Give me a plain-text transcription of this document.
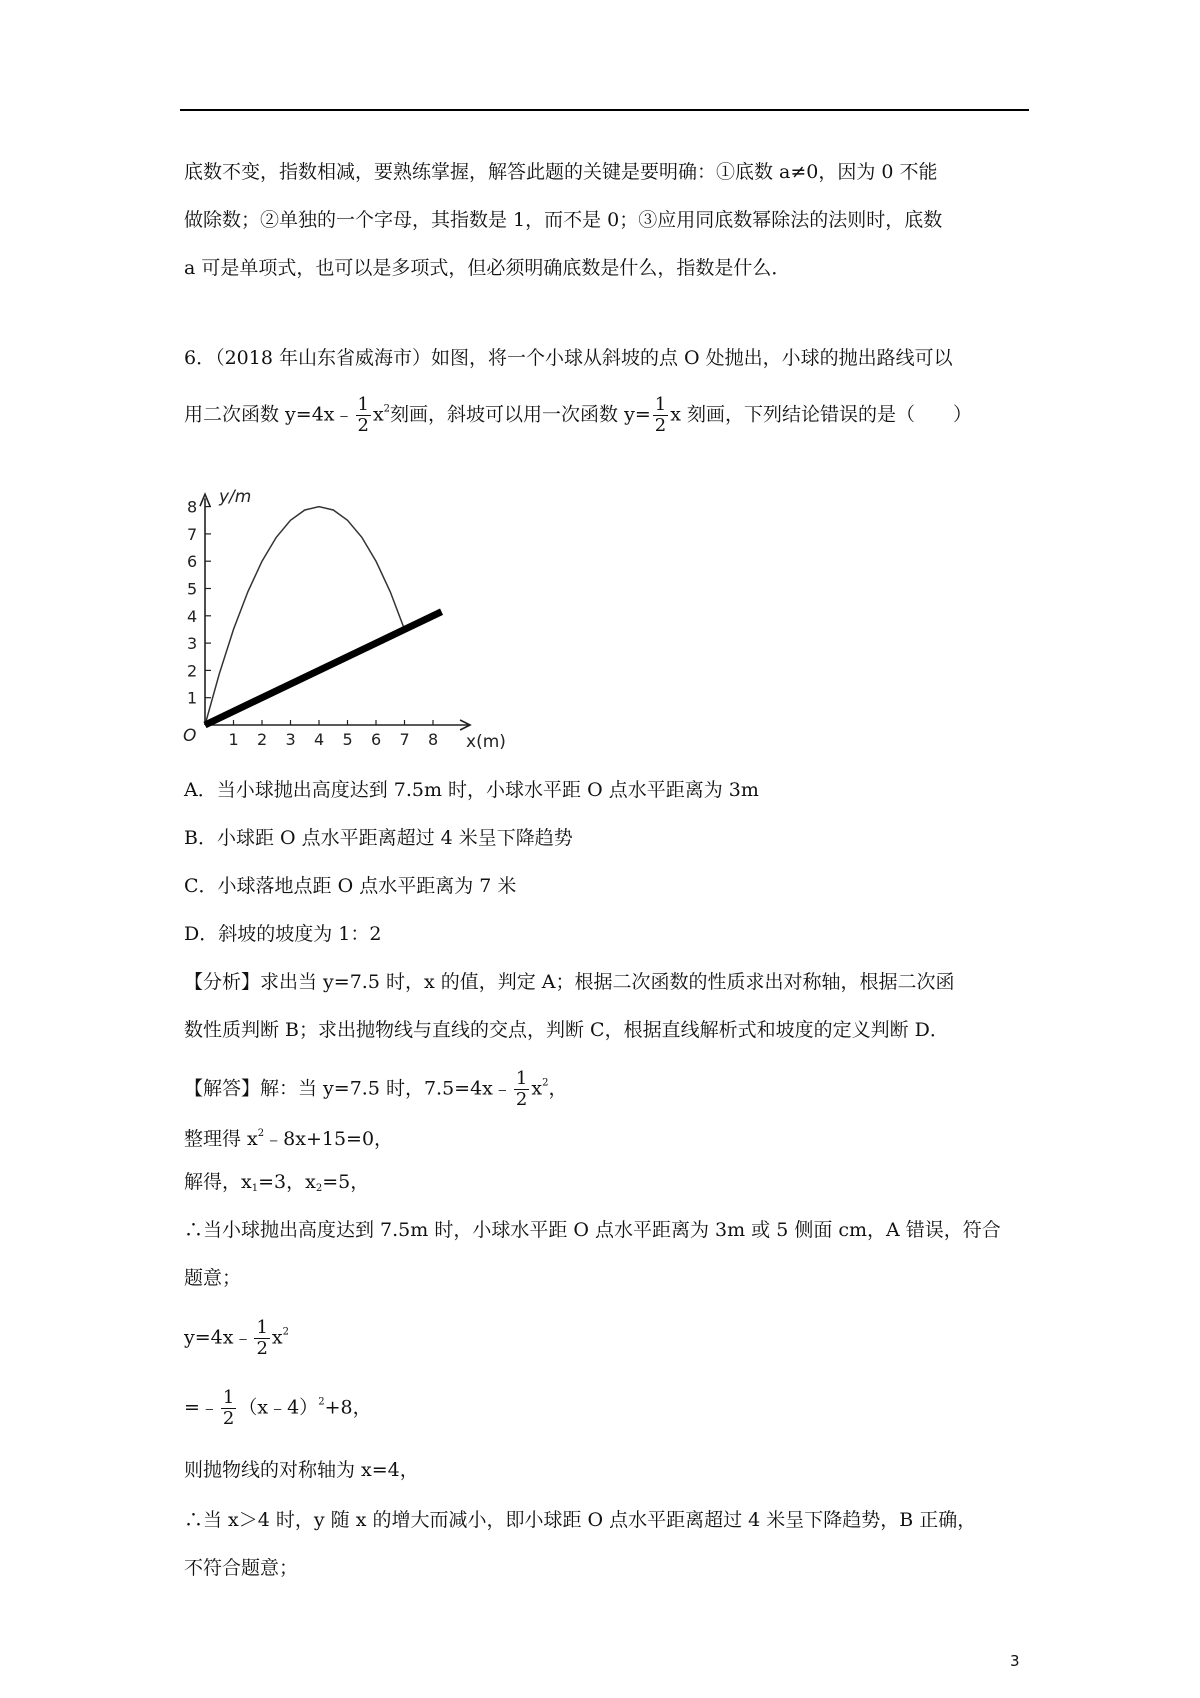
底数不变，指数相减，要熟练掌握，解答此题的关键是要明确：①底数 a≠0，因为 0 不能
做除数；②单独的一个字母，其指数是 1，而不是 0；③应用同底数幂除法的法则时，底数
a 可是单项式，也可以是多项式，但必须明确底数是什么，指数是什么．
6．（2018 年山东省威海市）如图，将一个小球从斜坡的点 O 处抛出，小球的抛出路线可以
用二次函数 y=4x﹣ $\frac{1}{2} x^2$刻画，斜坡可以用一次函数 $y= \frac{1}{2}$ x 刻画，下列结论错误的是（　　）
1 2 3 4 5 6 7 8
1
2
3
4
5
6
7
8
O
y/m
x(m)
A．当小球抛出高度达到 7.5m 时，小球水平距 O 点水平距离为 3m
B．小球距 O 点水平距离超过 4 米呈下降趋势
C．小球落地点距 O 点水平距离为 7 米
D．斜坡的坡度为 1：2
【分析】求出当 y=7.5 时，x 的值，判定 A；根据二次函数的性质求出对称轴，根据二次函
数性质判断 B；求出抛物线与直线的交点，判断 C，根据直线解析式和坡度的定义判断 D．
【解答】解：当 y=7.5 时，7.5=4x﹣ $\frac{1}{2} x^2$，
整理得 $x^2﹣8x+15=0$，
解得，$x_1=3$，$x_2=5$，
∴当小球抛出高度达到 7.5m 时，小球水平距 O 点水平距离为 3m 或 5 侧面 cm，A 错误，符合
题意；
y=4x﹣ $\frac{1}{2} x^2$
=﹣ $\frac{1}{2}$ （x﹣4）$^2$+8，
则抛物线的对称轴为 x=4，
∴当 x＞4 时，y 随 x 的增大而减小，即小球距 O 点水平距离超过 4 米呈下降趋势，B 正确，
不符合题意；
3
